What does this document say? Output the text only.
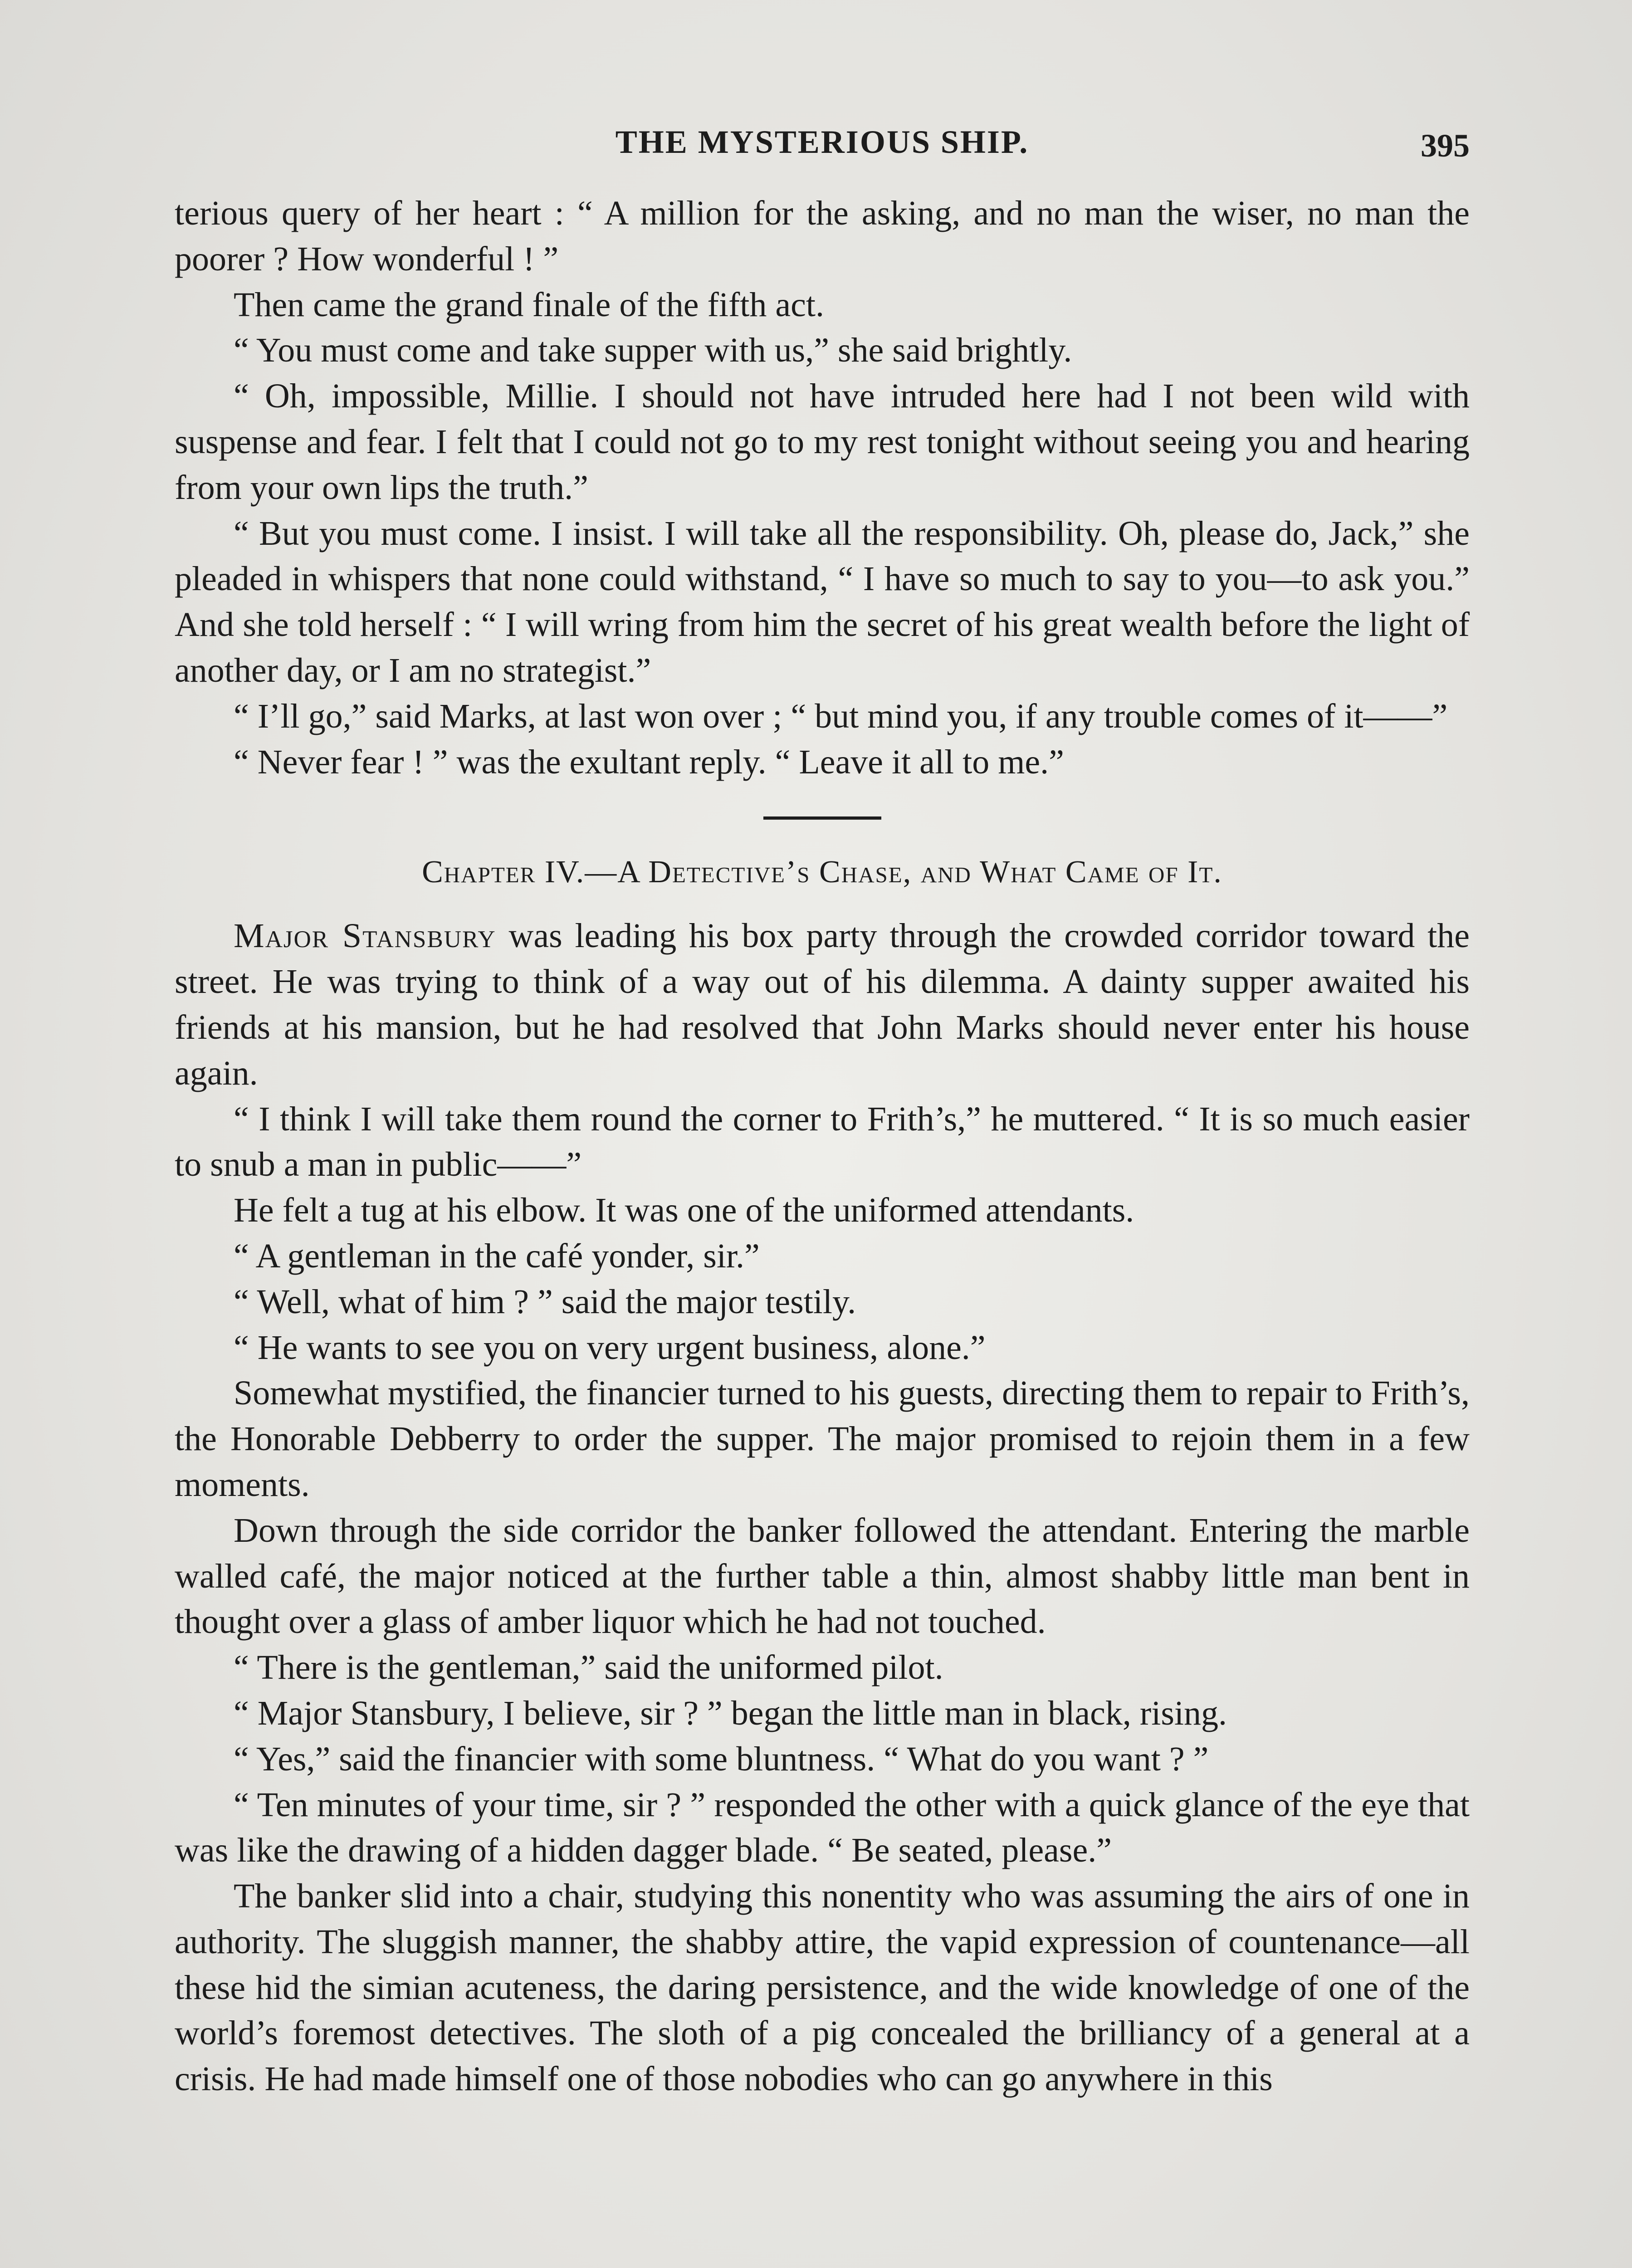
THE MYSTERIOUS SHIP.	395

terious query of her heart : “ A million for the asking, and no man the wiser, no man the poorer ? How wonderful ! ”

Then came the grand finale of the fifth act.

“ You must come and take supper with us,” she said brightly.

“ Oh, impossible, Millie. I should not have intruded here had I not been wild with suspense and fear. I felt that I could not go to my rest tonight without seeing you and hearing from your own lips the truth.”

“ But you must come. I insist. I will take all the responsibility. Oh, please do, Jack,” she pleaded in whispers that none could withstand, “ I have so much to say to you—to ask you.” And she told herself : “ I will wring from him the secret of his great wealth before the light of another day, or I am no strategist.”

“ I’ll go,” said Marks, at last won over ; “ but mind you, if any trouble comes of it——”

“ Never fear ! ” was the exultant reply. “ Leave it all to me.”

Chapter IV.—A Detective’s Chase, and What Came of It.

Major Stansbury was leading his box party through the crowded corridor toward the street. He was trying to think of a way out of his dilemma. A dainty supper awaited his friends at his mansion, but he had resolved that John Marks should never enter his house again.

“ I think I will take them round the corner to Frith’s,” he muttered. “ It is so much easier to snub a man in public——”

He felt a tug at his elbow. It was one of the uniformed attendants.

“ A gentleman in the café yonder, sir.”

“ Well, what of him ? ” said the major testily.

“ He wants to see you on very urgent business, alone.”

Somewhat mystified, the financier turned to his guests, directing them to repair to Frith’s, the Honorable Debberry to order the supper. The major promised to rejoin them in a few moments.

Down through the side corridor the banker followed the attendant. Entering the marble walled café, the major noticed at the further table a thin, almost shabby little man bent in thought over a glass of amber liquor which he had not touched.

“ There is the gentleman,” said the uniformed pilot.

“ Major Stansbury, I believe, sir ? ” began the little man in black, rising.

“ Yes,” said the financier with some bluntness. “ What do you want ? ”

“ Ten minutes of your time, sir ? ” responded the other with a quick glance of the eye that was like the drawing of a hidden dagger blade. “ Be seated, please.”

The banker slid into a chair, studying this nonentity who was assuming the airs of one in authority. The sluggish manner, the shabby attire, the vapid expression of countenance—all these hid the simian acuteness, the daring persistence, and the wide knowledge of one of the world’s foremost detectives. The sloth of a pig concealed the brilliancy of a general at a crisis. He had made himself one of those nobodies who can go anywhere in this
